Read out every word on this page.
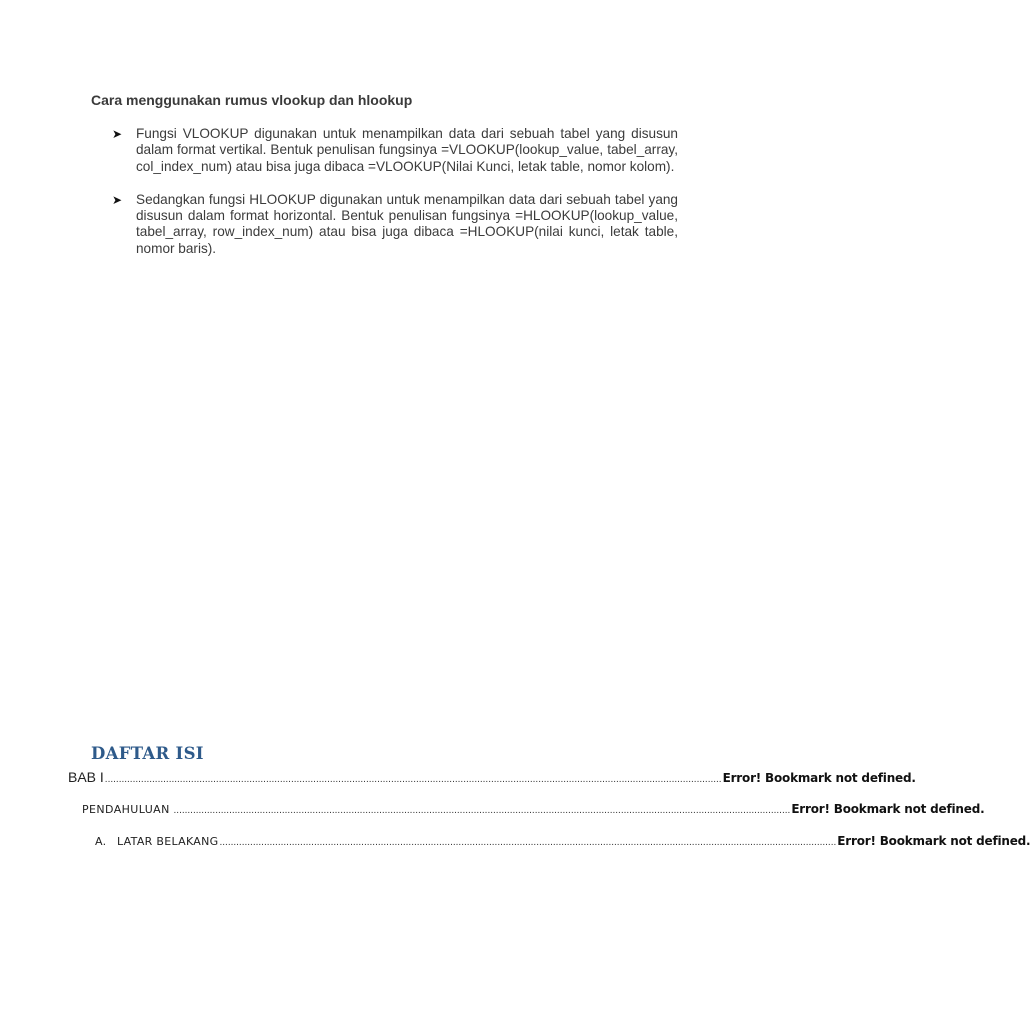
Cara menggunakan rumus vlookup dan hlookup
➤	Fungsi VLOOKUP digunakan untuk menampilkan data dari sebuah tabel yang disusun dalam format vertikal. Bentuk penulisan fungsinya =VLOOKUP(lookup_value, tabel_array, col_index_num) atau bisa juga dibaca =VLOOKUP(Nilai Kunci, letak table, nomor kolom).
➤	Sedangkan fungsi HLOOKUP digunakan untuk menampilkan data dari sebuah tabel yang disusun dalam format horizontal. Bentuk penulisan fungsinya =HLOOKUP(lookup_value, tabel_array, row_index_num) atau bisa juga dibaca =HLOOKUP(nilai kunci, letak table, nomor baris).
DAFTAR ISI
BAB I .............................................................................................................................................................................................................................. Error! Bookmark not defined.
PENDAHULUAN .............................................................................................................................................................................................................................. Error! Bookmark not defined.
A. LATAR BELAKANG .............................................................................................................................................................................................................................. Error! Bookmark not defined.
